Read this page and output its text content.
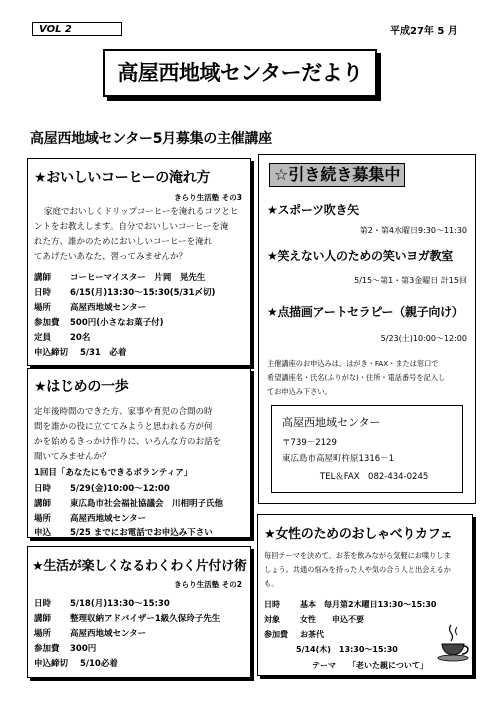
VOL 2	平成27年 5 月
高屋西地域センターだより
高屋西地域センター5月募集の主催講座
★おいしいコーヒーの淹れ方
きらり生活塾 その3
家庭でおいしくドリップコーヒーを淹れるコツとヒ
ントをお教えします。自分でおいしいコーヒーを淹
れた方、誰かのためにおいしいコーヒーを淹れ
てあげたいあなた、習ってみませんか？
講師 コーヒーマイスター　片岡　晃先生
日時 6/15(月)13:30～15:30(5/31〆切)
場所 高屋西地域センター
参加費 500円(小さなお菓子付)
定員 20名
申込締切 5/31　必着
★はじめの一歩
定年後時間のできた方、家事や育児の合間の時
間を誰かの役に立ててみようと思われる方が何
かを始めるきっかけ作りに、いろんな方のお話を
聞いてみませんか？
1回目「あなたにもできるボランティア」
日時 5/29(金)10:00～12:00
講師 東広島市社会福祉協議会　川相明子氏他
場所 高屋西地域センター
申込 5/25 までにお電話でお申込み下さい
★生活が楽しくなるわくわく片付け術
きらり生活塾 その2
日時 5/18(月)13:30～15:30
講師 整理収納アドバイザー1級久保玲子先生
場所 高屋西地域センター
参加費 300円
申込締切 5/10必着
☆引き続き募集中
★スポーツ吹き矢
第2・第4水曜日9:30～11:30
★笑えない人のための笑いヨガ教室
5/15～第1・第3金曜日 計15回
★点描画アートセラピー（親子向け）
5/23(土)10:00～12:00
主催講座のお申込みは、はがき・FAX・または窓口で
希望講座名・氏名(ふりがな)・住所・電話番号を記入し
てお申込み下さい。
高屋西地域センター
〒739－2129
東広島市高屋町杵原1316－1
TEL＆FAX　082-434-0245
★女性のためのおしゃべりカフェ
毎回テーマを決めて、お茶を飲みながら気軽にお喋りしま
しょう。共通の悩みを持った人や気の合う人と出会えるか
も。
日時	基本　毎月第2木曜日13:30～15:30
対象	女性　　申込不要
参加費 お茶代
5/14(木)　13:30～15:30
テーマ 「老いた親について」
